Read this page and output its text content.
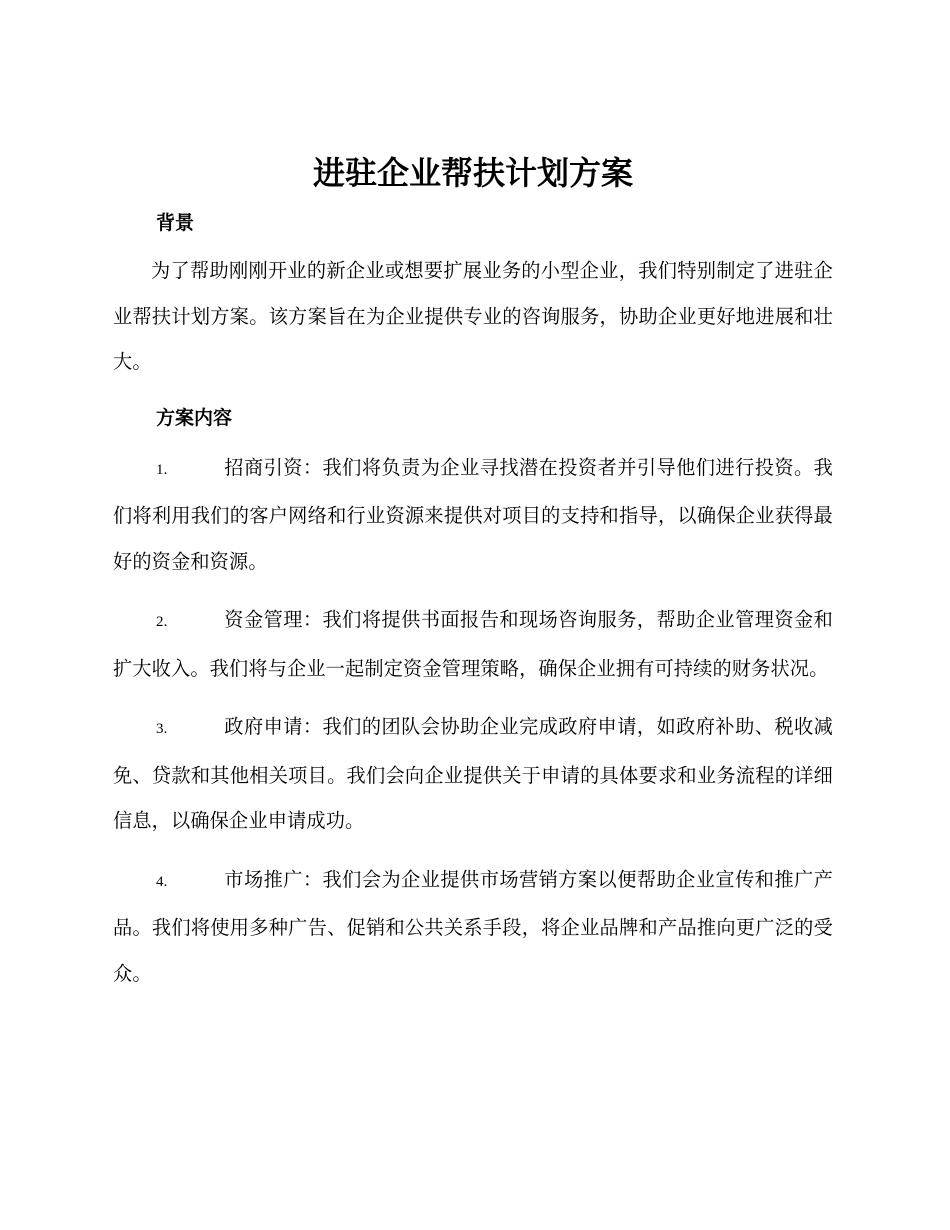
进驻企业帮扶计划方案
背景

为了帮助刚刚开业的新企业或想要扩展业务的小型企业，我们特别制定了进驻企业帮扶计划方案。该方案旨在为企业提供专业的咨询服务，协助企业更好地进展和壮大。

方案内容

1.	招商引资：我们将负责为企业寻找潜在投资者并引导他们进行投资。我们将利用我们的客户网络和行业资源来提供对项目的支持和指导，以确保企业获得最好的资金和资源。

2.	资金管理：我们将提供书面报告和现场咨询服务，帮助企业管理资金和扩大收入。我们将与企业一起制定资金管理策略，确保企业拥有可持续的财务状况。

3.	政府申请：我们的团队会协助企业完成政府申请，如政府补助、税收减免、贷款和其他相关项目。我们会向企业提供关于申请的具体要求和业务流程的详细信息，以确保企业申请成功。

4.	市场推广：我们会为企业提供市场营销方案以便帮助企业宣传和推广产品。我们将使用多种广告、促销和公共关系手段，将企业品牌和产品推向更广泛的受众。
